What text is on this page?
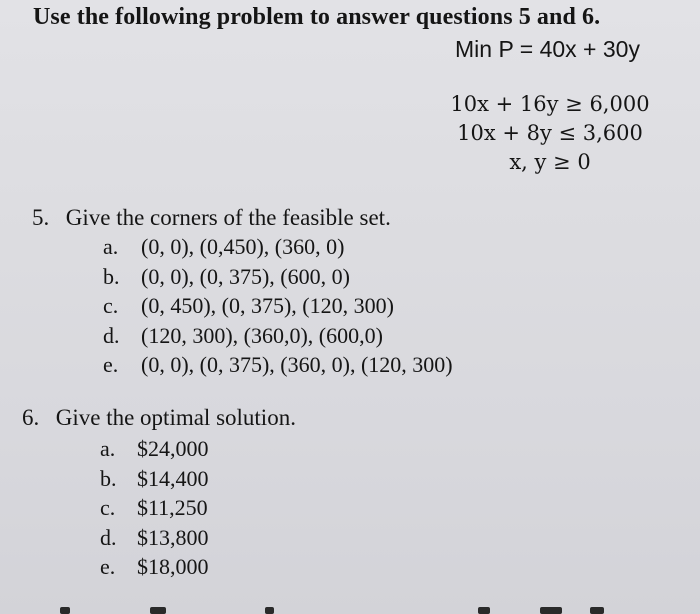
Use the following problem to answer questions 5 and 6.
Min P = 40x + 30y
10x + 16y ≥ 6,000
10x + 8y ≤ 3,600
x, y ≥ 0
5. Give the corners of the feasible set.
a. (0, 0), (0,450), (360, 0)
b. (0, 0), (0, 375), (600, 0)
c. (0, 450), (0, 375), (120, 300)
d. (120, 300), (360,0), (600,0)
e. (0, 0), (0, 375), (360, 0), (120, 300)
6. Give the optimal solution.
a. $24,000
b. $14,400
c. $11,250
d. $13,800
e. $18,000
